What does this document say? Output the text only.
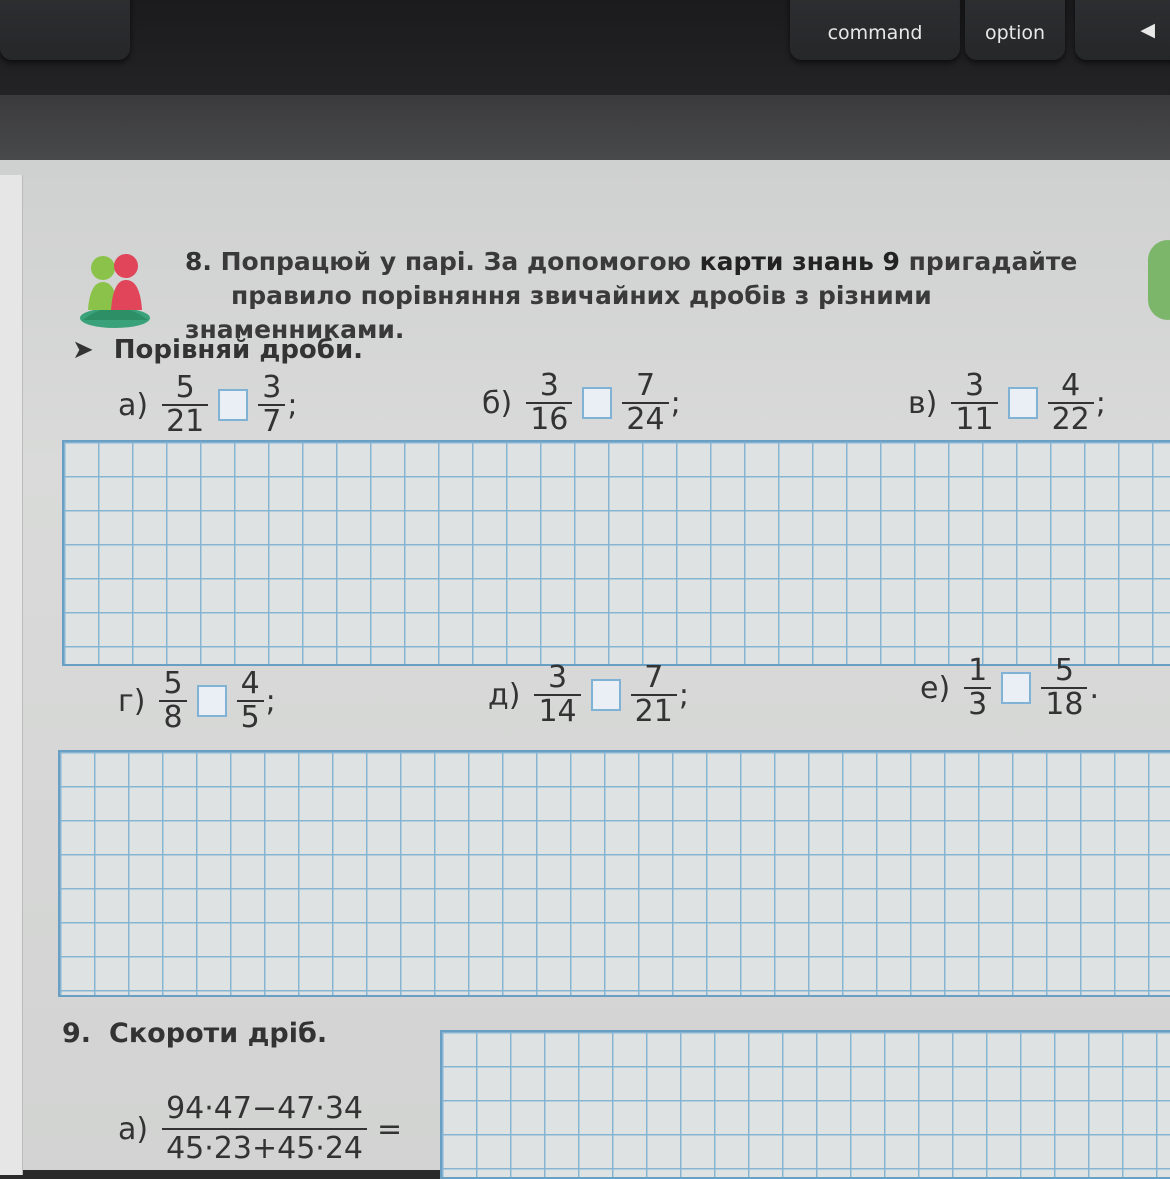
command	option	◀
8. Попрацюй у парі. За допомогою карти знань 9 пригадайте
правило порівняння звичайних дробів з різними знаменниками.
➤ Порівняй дроби.
$а) \frac{5}{21} \frac{3}{7}$ ;	$б) \frac{3}{16} \frac{7}{24}$ ;	$в) \frac{3}{11} \frac{4}{22}$ ;
$г) \frac{5}{8} \frac{4}{5}$ ;	$д) \frac{3}{14} \frac{7}{21}$ ;	$е) \frac{1}{3} \frac{5}{18}$ .
9. Скороти дріб.
$а) \frac{94\cdot 47-47\cdot 34}{45\cdot 23+45\cdot 24}$ =
